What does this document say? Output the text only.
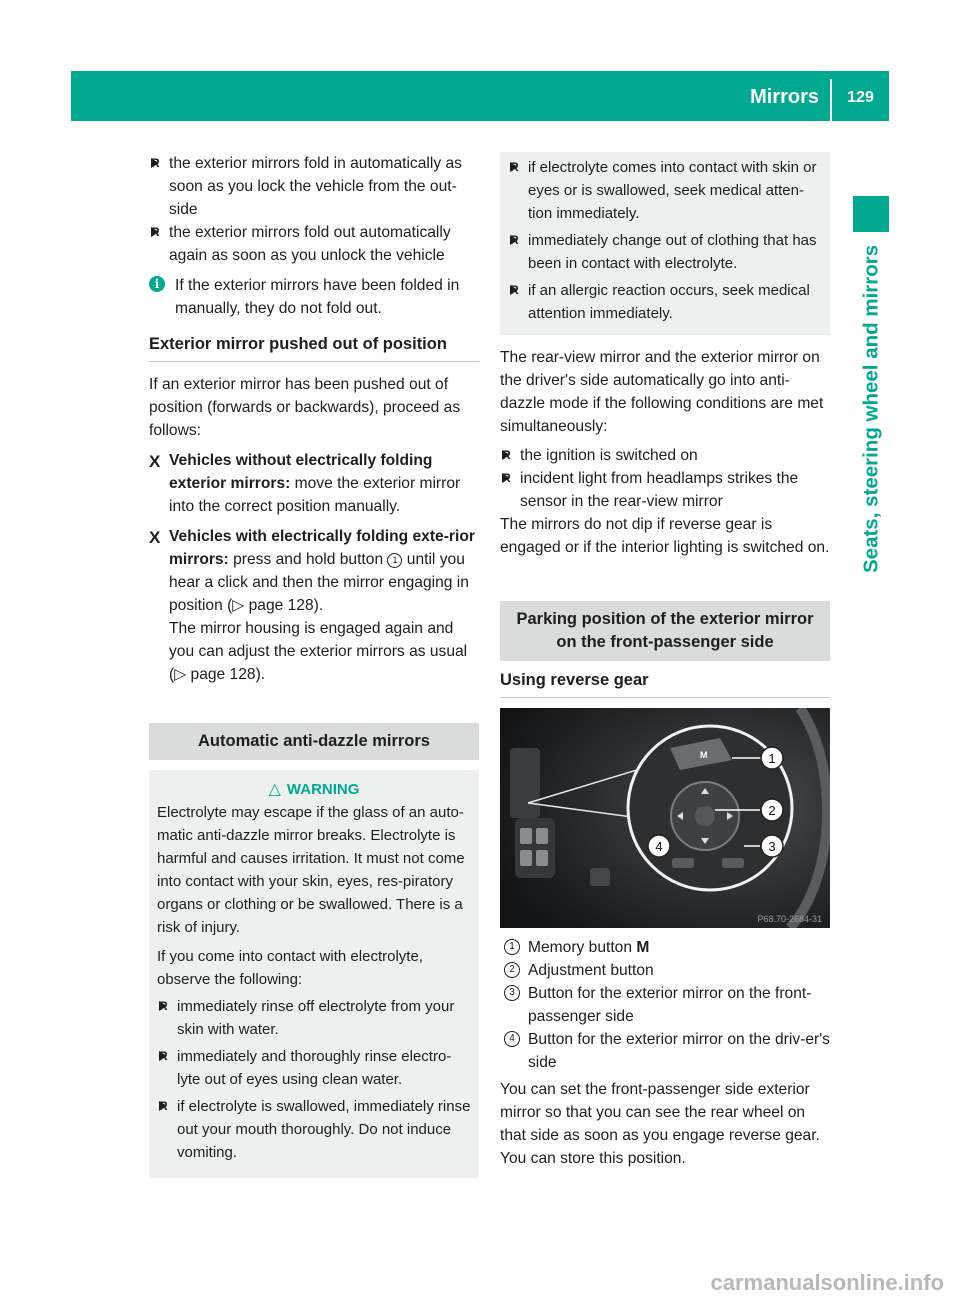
Mirrors	129
Seats, steering wheel and mirrors

R the exterior mirrors fold in automatically as soon as you lock the vehicle from the out-side

R the exterior mirrors fold out automatically again as soon as you unlock the vehicle

i	If the exterior mirrors have been folded in manually, they do not fold out.

Exterior mirror pushed out of position

If an exterior mirror has been pushed out of position (forwards or backwards), proceed as follows:

X Vehicles without electrically folding exterior mirrors: move the exterior mirror into the correct position manually.

X Vehicles with electrically folding exte-rior mirrors: press and hold button 1 until you hear a click and then the mirror engaging in position (▷ page 128).
The mirror housing is engaged again and you can adjust the exterior mirrors as usual (▷ page 128).

Automatic anti-dazzle mirrors
△ WARNING

Electrolyte may escape if the glass of an auto-matic anti-dazzle mirror breaks. Electrolyte is harmful and causes irritation. It must not come into contact with your skin, eyes, res-piratory organs or clothing or be swallowed. There is a risk of injury.

If you come into contact with electrolyte, observe the following:

R immediately rinse off electrolyte from your skin with water.

R immediately and thoroughly rinse electro-lyte out of eyes using clean water.

R if electrolyte is swallowed, immediately rinse out your mouth thoroughly. Do not induce vomiting.

R if electrolyte comes into contact with skin or eyes or is swallowed, seek medical atten-tion immediately.

R immediately change out of clothing that has been in contact with electrolyte.

R if an allergic reaction occurs, seek medical attention immediately.

The rear-view mirror and the exterior mirror on the driver's side automatically go into anti-dazzle mode if the following conditions are met simultaneously:

R the ignition is switched on

R incident light from headlamps strikes the sensor in the rear-view mirror

The mirrors do not dip if reverse gear is engaged or if the interior lighting is switched on.

Parking position of the exterior mirror on the front-passenger side
Using reverse gear
M	1
2
3
4
P68.70-2684-31

1 Memory button M

2 Adjustment button

3 Button for the exterior mirror on the front-passenger side

4 Button for the exterior mirror on the driv-er's side

You can set the front-passenger side exterior mirror so that you can see the rear wheel on that side as soon as you engage reverse gear. You can store this position.

carmanualsonline.info
